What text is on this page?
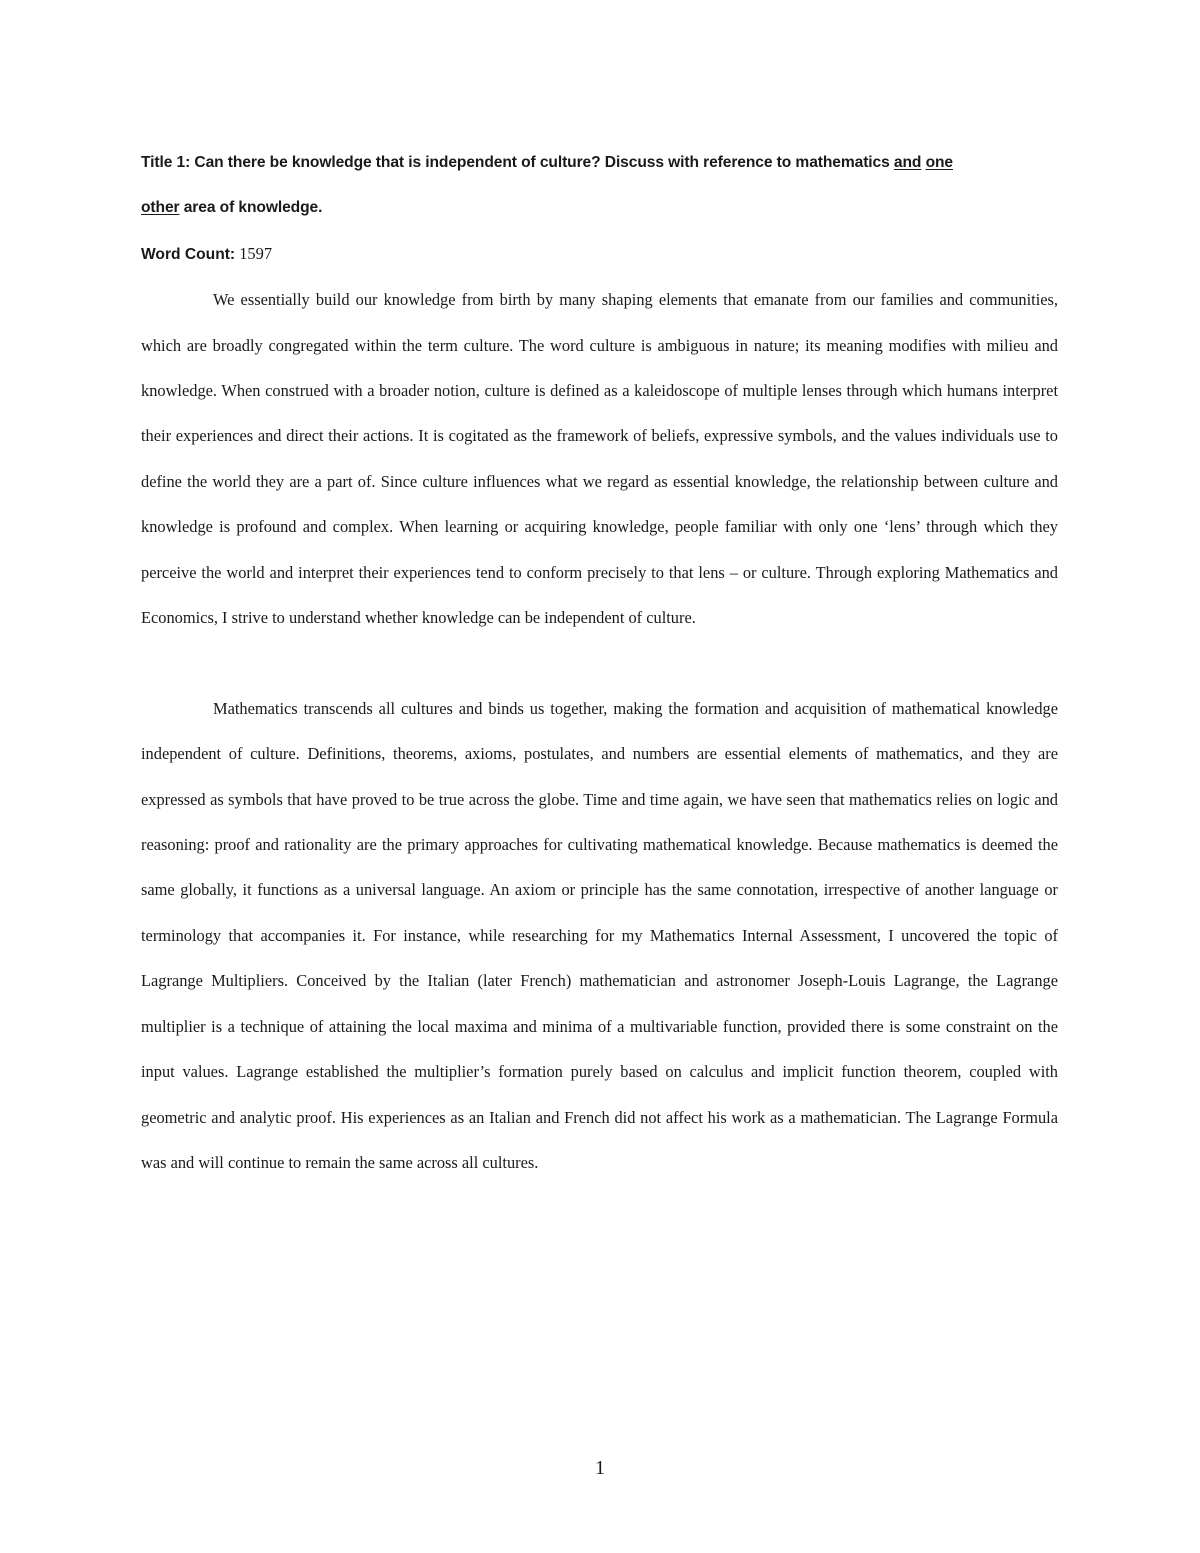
Title 1: Can there be knowledge that is independent of culture? Discuss with reference to mathematics and one
other area of knowledge.

Word Count: 1597

We essentially build our knowledge from birth by many shaping elements that emanate from our families and communities, which are broadly congregated within the term culture. The word culture is ambiguous in nature; its meaning modifies with milieu and knowledge. When construed with a broader notion, culture is defined as a kaleidoscope of multiple lenses through which humans interpret their experiences and direct their actions. It is cogitated as the framework of beliefs, expressive symbols, and the values individuals use to define the world they are a part of. Since culture influences what we regard as essential knowledge, the relationship between culture and knowledge is profound and complex. When learning or acquiring knowledge, people familiar with only one ‘lens’ through which they perceive the world and interpret their experiences tend to conform precisely to that lens – or culture. Through exploring Mathematics and Economics, I strive to understand whether knowledge can be independent of culture.

Mathematics transcends all cultures and binds us together, making the formation and acquisition of mathematical knowledge independent of culture. Definitions, theorems, axioms, postulates, and numbers are essential elements of mathematics, and they are expressed as symbols that have proved to be true across the globe. Time and time again, we have seen that mathematics relies on logic and reasoning: proof and rationality are the primary approaches for cultivating mathematical knowledge. Because mathematics is deemed the same globally, it functions as a universal language. An axiom or principle has the same connotation, irrespective of another language or terminology that accompanies it. For instance, while researching for my Mathematics Internal Assessment, I uncovered the topic of Lagrange Multipliers. Conceived by the Italian (later French) mathematician and astronomer Joseph-Louis Lagrange, the Lagrange multiplier is a technique of attaining the local maxima and minima of a multivariable function, provided there is some constraint on the input values. Lagrange established the multiplier’s formation purely based on calculus and implicit function theorem, coupled with geometric and analytic proof. His experiences as an Italian and French did not affect his work as a mathematician. The Lagrange Formula was and will continue to remain the same across all cultures.

1
